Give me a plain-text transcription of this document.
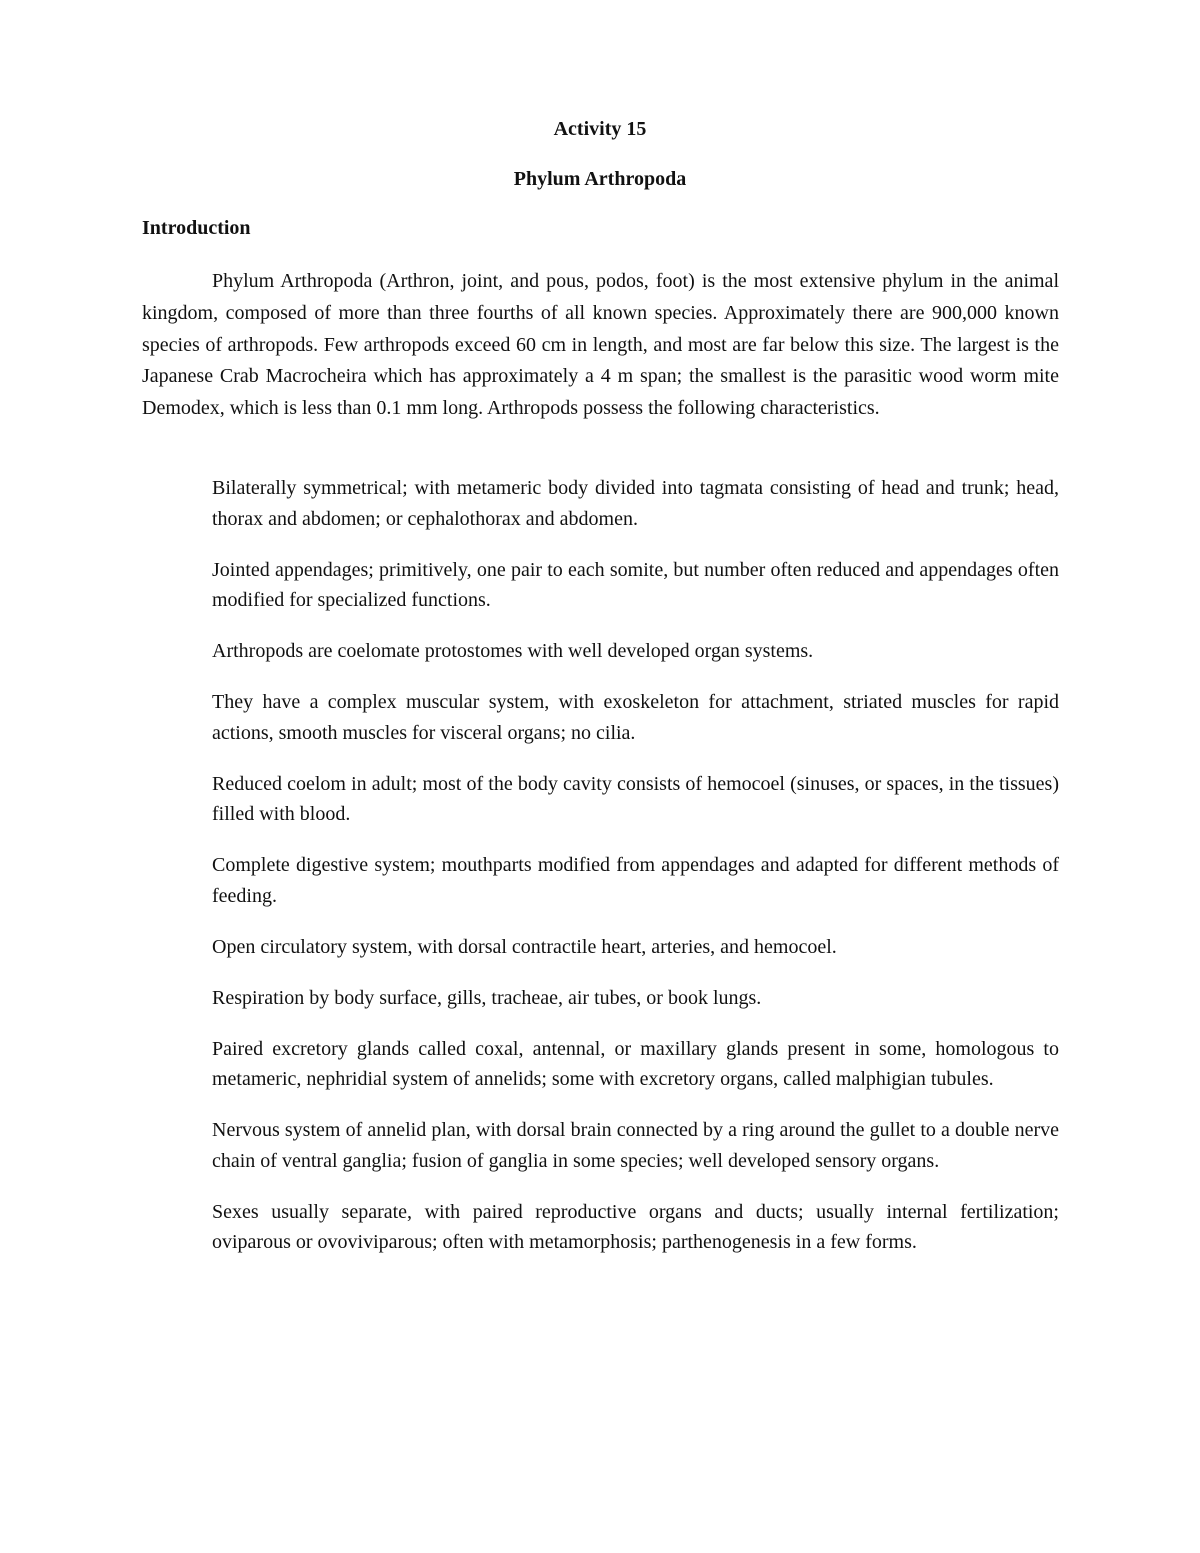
Activity 15
Phylum Arthropoda
Introduction

Phylum Arthropoda (Arthron, joint, and pous, podos, foot) is the most extensive phylum in the animal kingdom, composed of more than three fourths of all known species. Approximately there are 900,000 known species of arthropods. Few arthropods exceed 60 cm in length, and most are far below this size. The largest is the Japanese Crab Macrocheira which has approximately a 4 m span; the smallest is the parasitic wood worm mite Demodex, which is less than 0.1 mm long. Arthropods possess the following characteristics.

Bilaterally symmetrical; with metameric body divided into tagmata consisting of head and trunk; head, thorax and abdomen; or cephalothorax and abdomen.
Jointed appendages; primitively, one pair to each somite, but number often reduced and appendages often modified for specialized functions.
Arthropods are coelomate protostomes with well developed organ systems.
They have a complex muscular system, with exoskeleton for attachment, striated muscles for rapid actions, smooth muscles for visceral organs; no cilia.
Reduced coelom in adult; most of the body cavity consists of hemocoel (sinuses, or spaces, in the tissues) filled with blood.
Complete digestive system; mouthparts modified from appendages and adapted for different methods of feeding.
Open circulatory system, with dorsal contractile heart, arteries, and hemocoel.
Respiration by body surface, gills, tracheae, air tubes, or book lungs.
Paired excretory glands called coxal, antennal, or maxillary glands present in some, homologous to metameric, nephridial system of annelids; some with excretory organs, called malphigian tubules.
Nervous system of annelid plan, with dorsal brain connected by a ring around the gullet to a double nerve chain of ventral ganglia; fusion of ganglia in some species; well developed sensory organs.
Sexes usually separate, with paired reproductive organs and ducts; usually internal fertilization; oviparous or ovoviviparous; often with metamorphosis; parthenogenesis in a few forms.
